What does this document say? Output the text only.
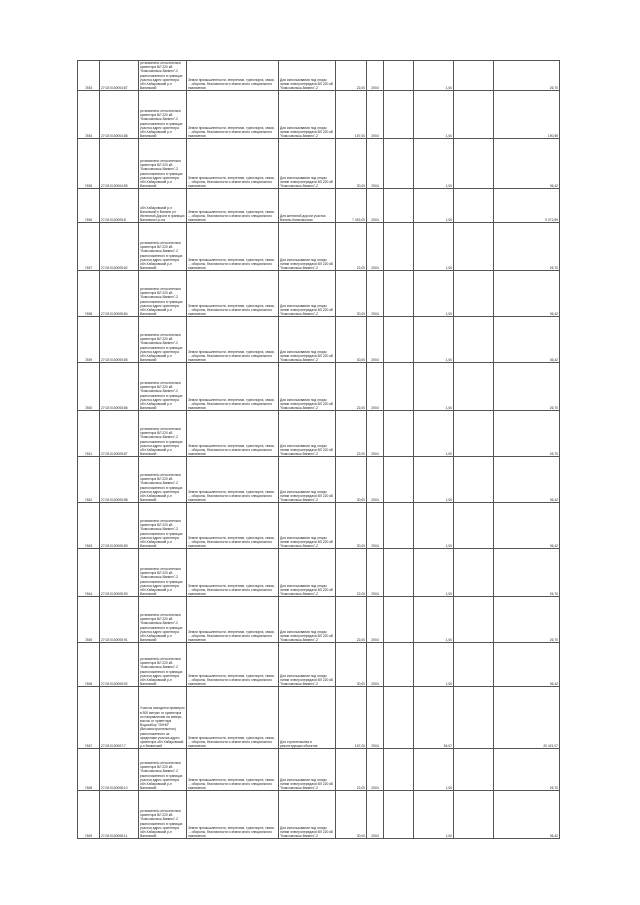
7453	27:02:0100004:87	установлено относительно ориентира ВЛ 220 кВ "Комсомольск-Ванино"-2 расположенного в границах участка адрес ориентира обл Хабаровский р-н Ванинский	Земли промышленности, энергетики, транспорта, связи, ... обороны, безопасности и земли иного специального назначения	Для использования под опоры линии электропередачи ВЛ 220 кВ "Комсомольск-Ванино"-2	22,00	2004		1,00		26,70

7454	27:02:0100004:88	установлено относительно ориентира ВЛ 220 кВ "Комсомольск-Ванино"-2 расположенного в границах участка адрес ориентира обл Хабаровский р-н Ванинский	Земли промышленности, энергетики, транспорта, связи, ... обороны, безопасности и земли иного специального назначения	Для использования под опоры линии электропередачи ВЛ 220 кВ "Комсомольск-Ванино"-2	157,00	2004		1,00		190,59

7455	27:02:0100004:89	установлено относительно ориентира ВЛ 220 кВ "Комсомольск-Ванино"-2 расположенного в границах участка адрес ориентира обл Хабаровский р-н Ванинский	Земли промышленности, энергетики, транспорта, связи, ... обороны, безопасности и земли иного специального назначения	Для использования под опоры линии электропередачи ВЛ 220 кВ "Комсомольск-Ванино"-2	30,00	2004		1,00		36,42

7456	27:02:0100005:8	обл Хабаровский р-н Ванинский п Ванино ул Железной Дороги в границах Ванинского р-на	Земли промышленности, энергетики, транспорта, связи, ... обороны, безопасности и земли иного специального назначения	Для железной дороги участка Ванино-Комсомольск	7 492,00	2004		1,00		9 072,89

7457	27:02:0100005:82	установлено относительно ориентира ВЛ 220 кВ "Комсомольск-Ванино"-2 расположенного в границах участка адрес ориентира обл Хабаровский р-н Ванинский	Земли промышленности, энергетики, транспорта, связи, ... обороны, безопасности и земли иного специального назначения	Для использования под опоры линии электропередачи ВЛ 220 кВ "Комсомольск-Ванино"-2	22,00	2004		1,00		26,70

7458	27:02:0100005:84	установлено относительно ориентира ВЛ 220 кВ "Комсомольск-Ванино"-2 расположенного в границах участка адрес ориентира обл Хабаровский р-н Ванинский	Земли промышленности, энергетики, транспорта, связи, ... обороны, безопасности и земли иного специального назначения	Для использования под опоры линии электропередачи ВЛ 220 кВ "Комсомольск-Ванино"-2	30,00	2004		1,00		36,42

7459	27:02:0100005:85	установлено относительно ориентира ВЛ 220 кВ "Комсомольск-Ванино"-2 расположенного в границах участка адрес ориентира обл Хабаровский р-н Ванинский	Земли промышленности, энергетики, транспорта, связи, ... обороны, безопасности и земли иного специального назначения	Для использования под опоры линии электропередачи ВЛ 220 кВ "Комсомольск-Ванино"-2	30,00	2004		1,00		36,42

7460	27:02:0100005:86	установлено относительно ориентира ВЛ 220 кВ "Комсомольск-Ванино"-2 расположенного в границах участка адрес ориентира обл Хабаровский р-н Ванинский	Земли промышленности, энергетики, транспорта, связи, ... обороны, безопасности и земли иного специального назначения	Для использования под опоры линии электропередачи ВЛ 220 кВ "Комсомольск-Ванино"-2	22,00	2004		1,00		26,70

7461	27:02:0100005:87	установлено относительно ориентира ВЛ 220 кВ "Комсомольск-Ванино"-2 расположенного в границах участка адрес ориентира обл Хабаровский р-н Ванинский	Земли промышленности, энергетики, транспорта, связи, ... обороны, безопасности и земли иного специального назначения	Для использования под опоры линии электропередачи ВЛ 220 кВ "Комсомольск-Ванино"-2	22,00	2004		1,00		26,70

7462	27:02:0100005:88	установлено относительно ориентира ВЛ 220 кВ "Комсомольск-Ванино"-2 расположенного в границах участка адрес ориентира обл Хабаровский р-н Ванинский	Земли промышленности, энергетики, транспорта, связи, ... обороны, безопасности и земли иного специального назначения	Для использования под опоры линии электропередачи ВЛ 220 кВ "Комсомольск-Ванино"-2	30,00	2004		1,00		36,42

7463	27:02:0100005:89	установлено относительно ориентира ВЛ 220 кВ "Комсомольск-Ванино"-2 расположенного в границах участка адрес ориентира обл Хабаровский р-н Ванинский	Земли промышленности, энергетики, транспорта, связи, ... обороны, безопасности и земли иного специального назначения	Для использования под опоры линии электропередачи ВЛ 220 кВ "Комсомольск-Ванино"-2	30,00	2004		1,00		36,42

7464	27:02:0100005:90	установлено относительно ориентира ВЛ 220 кВ "Комсомольск-Ванино"-2 расположенного в границах участка адрес ориентира обл Хабаровский р-н Ванинский	Земли промышленности, энергетики, транспорта, связи, ... обороны, безопасности и земли иного специального назначения	Для использования под опоры линии электропередачи ВЛ 220 кВ "Комсомольск-Ванино"-2	22,00	2004		1,00		26,70

7465	27:02:0100005:91	установлено относительно ориентира ВЛ 220 кВ "Комсомольск-Ванино"-2 расположенного в границах участка адрес ориентира обл Хабаровский р-н Ванинский	Земли промышленности, энергетики, транспорта, связи, ... обороны, безопасности и земли иного специального назначения	Для использования под опоры линии электропередачи ВЛ 220 кВ "Комсомольск-Ванино"-2	22,00	2004		1,00		26,70

7466	27:02:0100005:92	установлено относительно ориентира ВЛ 220 кВ "Комсомольск-Ванино"-2 расположенного в границах участка адрес ориентира обл Хабаровский р-н Ванинский	Земли промышленности, энергетики, транспорта, связи, ... обороны, безопасности и земли иного специального назначения	Для использования под опоры линии электропередачи ВЛ 220 кВ "Комсомольск-Ванино"-2	30,00	2004		1,00		36,42

7467	27:02:0100007:7	Участок находится примерно в 500 метрах от ориентира по направлению на северо-восток от ориентира Водозабор "ОКНИ" (Весомостроительного) расположенного за пределами участка адрес ориентира обл Хабаровский р-н Ванинский	Земли промышленности, энергетики, транспорта, связи, ... обороны, безопасности и земли иного специального назначения	Для строительства и реконструкции объектов	167,00	2004		54,07		20 421,07

7468	27:02:0100008:10	установлено относительно ориентира ВЛ 220 кВ "Комсомольск-Ванино"-2 расположенного в границах участка адрес ориентира обл Хабаровский р-н Ванинский	Земли промышленности, энергетики, транспорта, связи, ... обороны, безопасности и земли иного специального назначения	Для использования под опоры линии электропередачи ВЛ 220 кВ "Комсомольск-Ванино"-2	22,00	2004		1,00		26,70

7469	27:02:0100008:11	установлено относительно ориентира ВЛ 220 кВ "Комсомольск-Ванино"-2 расположенного в границах участка адрес ориентира обл Хабаровский р-н Ванинский	Земли промышленности, энергетики, транспорта, связи, ... обороны, безопасности и земли иного специального назначения	Для использования под опоры линии электропередачи ВЛ 220 кВ "Комсомольск-Ванино"-2	30,00	2004		1,00		36,42
